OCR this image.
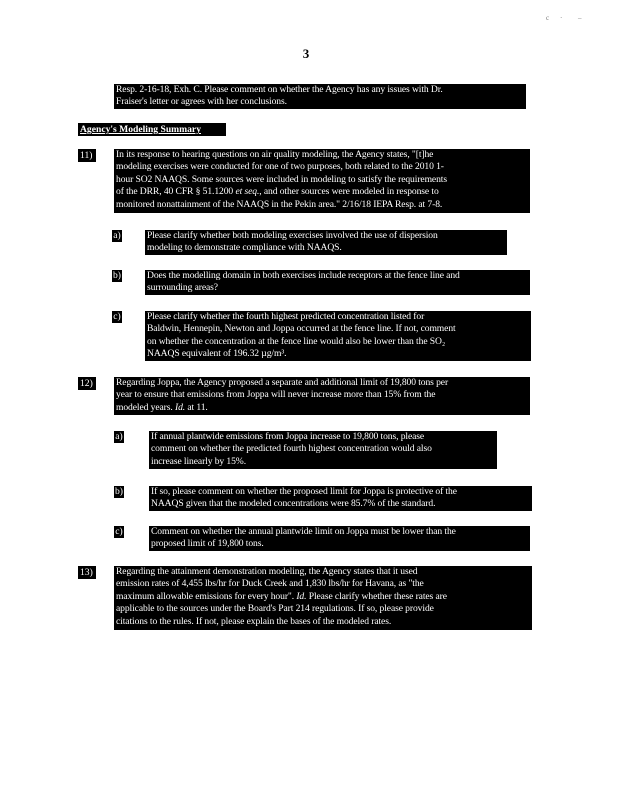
c · –
3
Resp. 2-16-18, Exh. C. Please comment on whether the Agency has any issues with Dr.
Fraiser's letter or agrees with her conclusions.
Agency's Modeling Summary
11)	In its response to hearing questions on air quality modeling, the Agency states, "[t]he
modeling exercises were conducted for one of two purposes, both related to the 2010 1-
hour SO2 NAAQS. Some sources were included in modeling to satisfy the requirements
of the DRR, 40 CFR § 51.1200 et seq., and other sources were modeled in response to
monitored nonattainment of the NAAQS in the Pekin area." 2/16/18 IEPA Resp. at 7-8.
a)	Please clarify whether both modeling exercises involved the use of dispersion
modeling to demonstrate compliance with NAAQS.
b)	Does the modelling domain in both exercises include receptors at the fence line and
surrounding areas?
c)	Please clarify whether the fourth highest predicted concentration listed for
Baldwin, Hennepin, Newton and Joppa occurred at the fence line. If not, comment
on whether the concentration at the fence line would also be lower than the SO₂
NAAQS equivalent of 196.32 µg/m³.
12)	Regarding Joppa, the Agency proposed a separate and additional limit of 19,800 tons per
year to ensure that emissions from Joppa will never increase more than 15% from the
modeled years. Id. at 11.
a)	If annual plantwide emissions from Joppa increase to 19,800 tons, please
comment on whether the predicted fourth highest concentration would also
increase linearly by 15%.
b)	If so, please comment on whether the proposed limit for Joppa is protective of the
NAAQS given that the modeled concentrations were 85.7% of the standard.
c)	Comment on whether the annual plantwide limit on Joppa must be lower than the
proposed limit of 19,800 tons.
13)	Regarding the attainment demonstration modeling, the Agency states that it used
emission rates of 4,455 lbs/hr for Duck Creek and 1,830 lbs/hr for Havana, as "the
maximum allowable emissions for every hour". Id. Please clarify whether these rates are
applicable to the sources under the Board's Part 214 regulations. If so, please provide
citations to the rules. If not, please explain the bases of the modeled rates.
